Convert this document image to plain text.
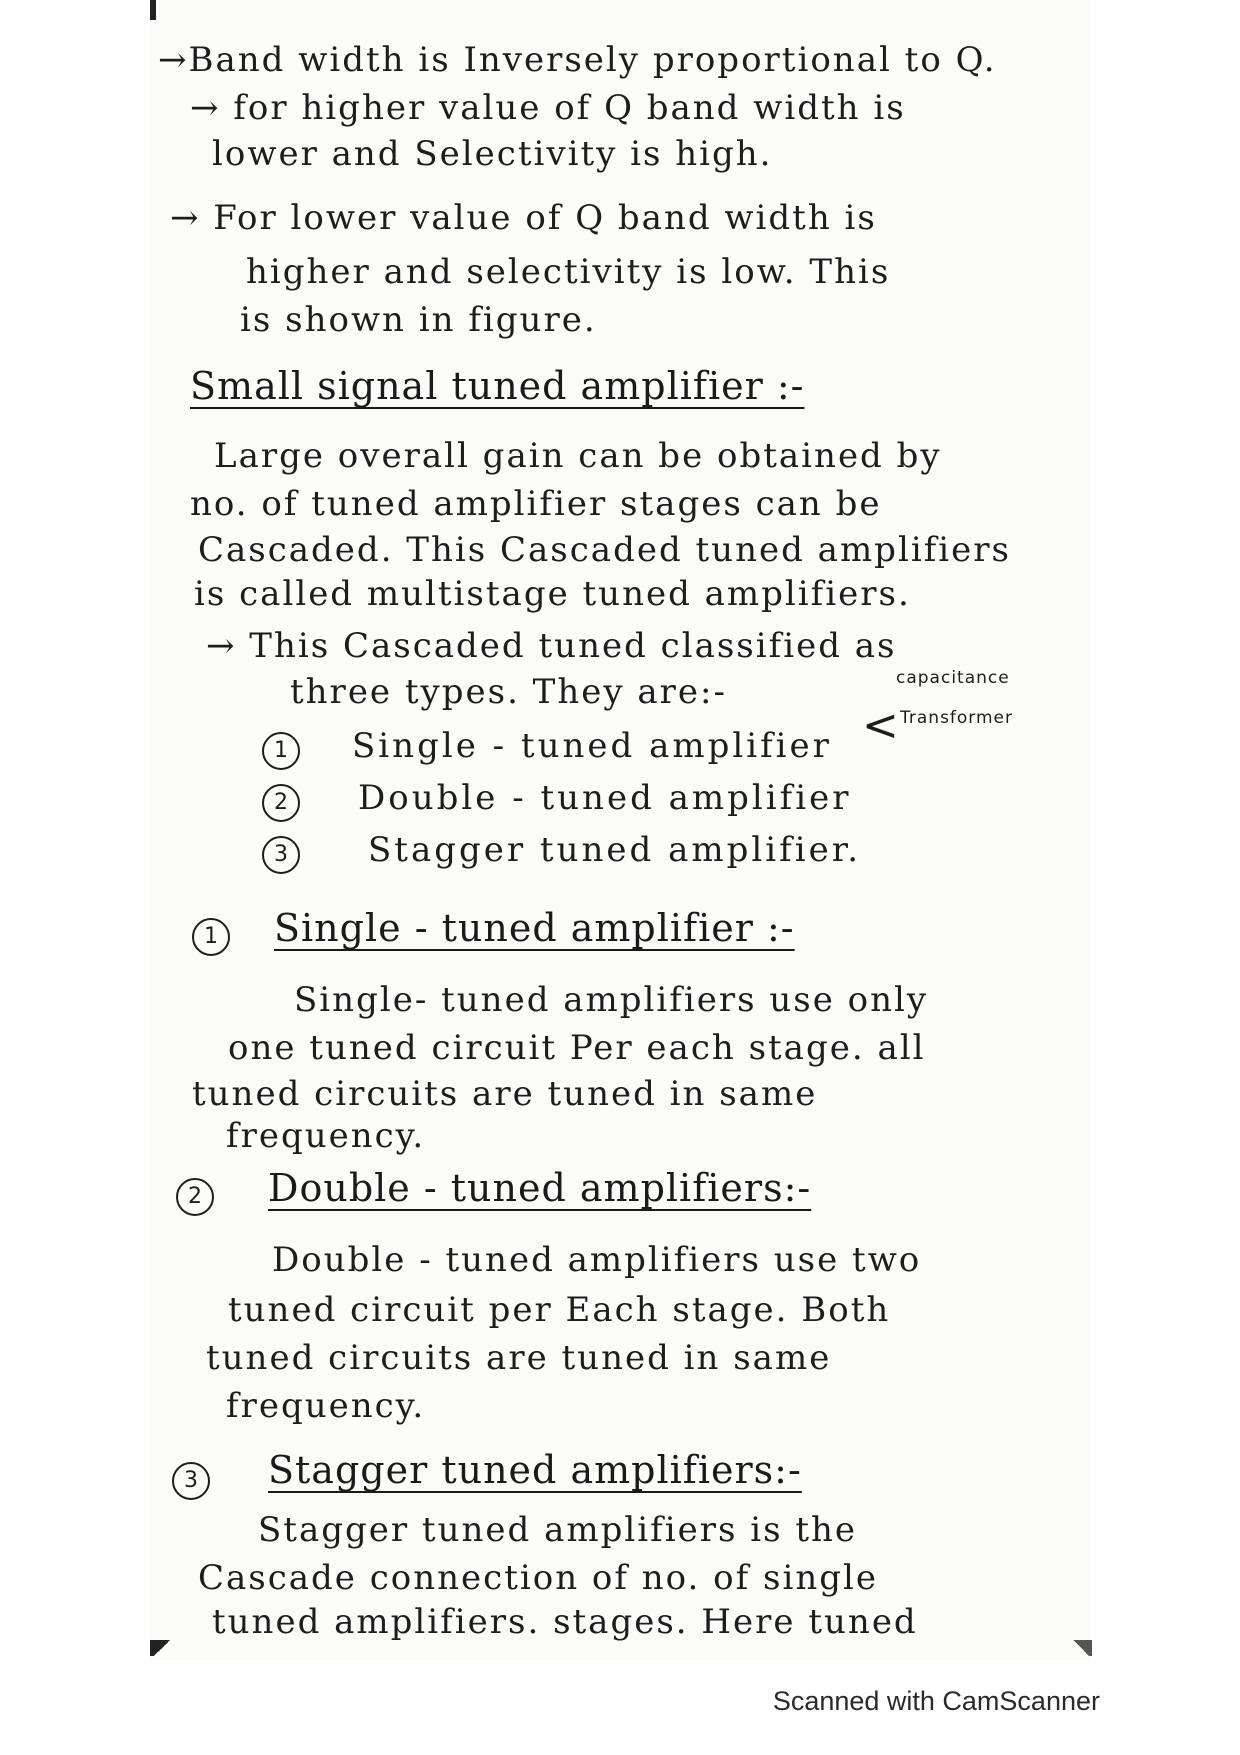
→Band width is Inversely proportional to Q.
→ for higher value of Q band width is
lower and Selectivity is high.
→ For lower value of Q band width is
higher and selectivity is low. This
is shown in figure.
Small signal tuned amplifier :-
Large overall gain can be obtained by
no. of tuned amplifier stages can be
Cascaded. This Cascaded tuned amplifiers
is called multistage tuned amplifiers.
→ This Cascaded tuned classified as
three types. They are:-	capacitance
< Transformer
1	Single - tuned amplifier
2	Double - tuned amplifier
3	Stagger tuned amplifier.
1	Single - tuned amplifier :-
Single- tuned amplifiers use only
one tuned circuit Per each stage. all
tuned circuits are tuned in same
frequency.
2	Double - tuned amplifiers:-
Double - tuned amplifiers use two
tuned circuit per Each stage. Both
tuned circuits are tuned in same
frequency.
3	Stagger tuned amplifiers:-
Stagger tuned amplifiers is the
Cascade connection of no. of single
tuned amplifiers. stages. Here tuned
Scanned with CamScanner
